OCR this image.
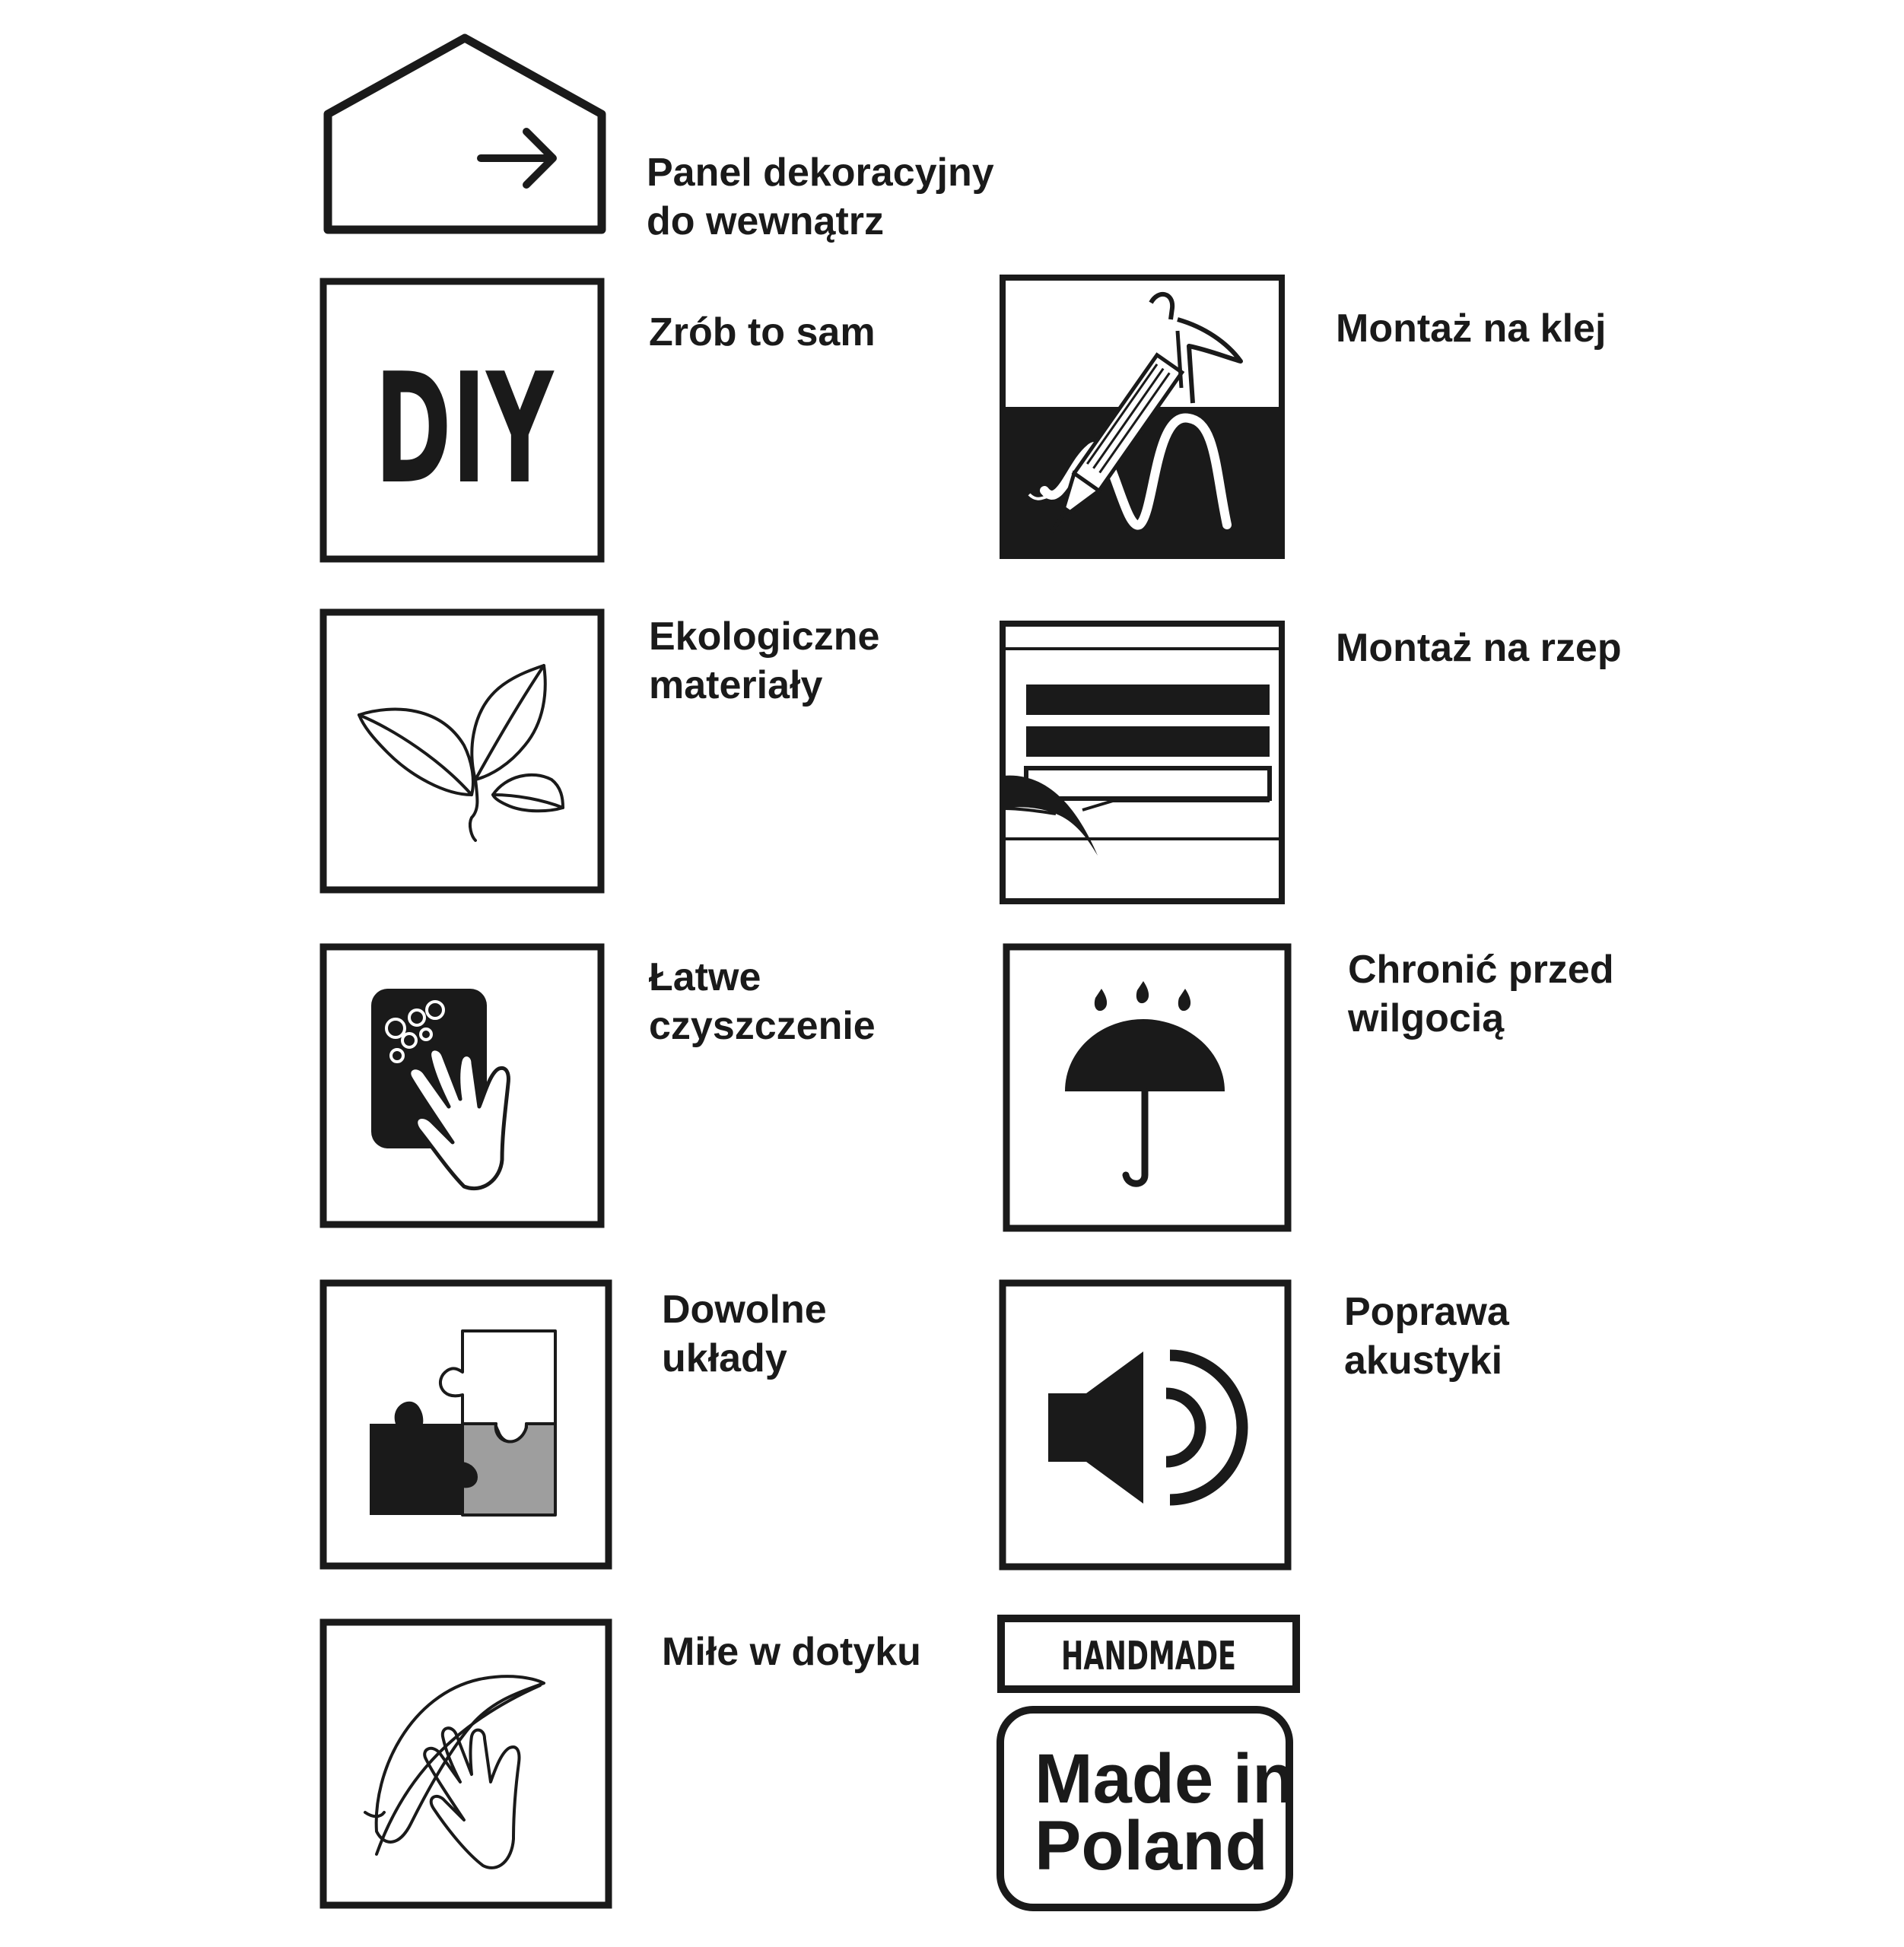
Panel dekoracyjny
do wewnątrz
DIY
Zrób to sam	Montaż na klej
Ekologiczne
materiały
Montaż na rzep
Łatwe
czyszczenie
Chronić przed
wilgocią
Dowolne
układy
Poprawa
akustyki
Miłe w dotyku	HANDMADE
Made in
Poland
